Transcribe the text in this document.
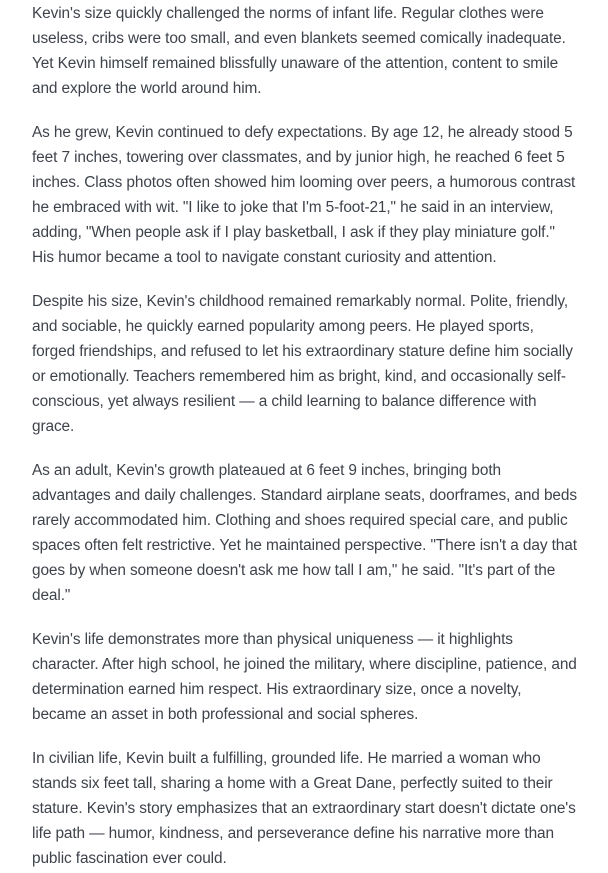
Kevin's size quickly challenged the norms of infant life. Regular clothes were useless, cribs were too small, and even blankets seemed comically inadequate. Yet Kevin himself remained blissfully unaware of the attention, content to smile and explore the world around him.

As he grew, Kevin continued to defy expectations. By age 12, he already stood 5 feet 7 inches, towering over classmates, and by junior high, he reached 6 feet 5 inches. Class photos often showed him looming over peers, a humorous contrast he embraced with wit. "I like to joke that I'm 5-foot-21," he said in an interview, adding, "When people ask if I play basketball, I ask if they play miniature golf." His humor became a tool to navigate constant curiosity and attention.

Despite his size, Kevin's childhood remained remarkably normal. Polite, friendly, and sociable, he quickly earned popularity among peers. He played sports, forged friendships, and refused to let his extraordinary stature define him socially or emotionally. Teachers remembered him as bright, kind, and occasionally self-conscious, yet always resilient — a child learning to balance difference with grace.

As an adult, Kevin's growth plateaued at 6 feet 9 inches, bringing both advantages and daily challenges. Standard airplane seats, doorframes, and beds rarely accommodated him. Clothing and shoes required special care, and public spaces often felt restrictive. Yet he maintained perspective. "There isn't a day that goes by when someone doesn't ask me how tall I am," he said. "It's part of the deal."

Kevin's life demonstrates more than physical uniqueness — it highlights character. After high school, he joined the military, where discipline, patience, and determination earned him respect. His extraordinary size, once a novelty, became an asset in both professional and social spheres.

In civilian life, Kevin built a fulfilling, grounded life. He married a woman who stands six feet tall, sharing a home with a Great Dane, perfectly suited to their stature. Kevin's story emphasizes that an extraordinary start doesn't dictate one's life path — humor, kindness, and perseverance define his narrative more than public fascination ever could.
